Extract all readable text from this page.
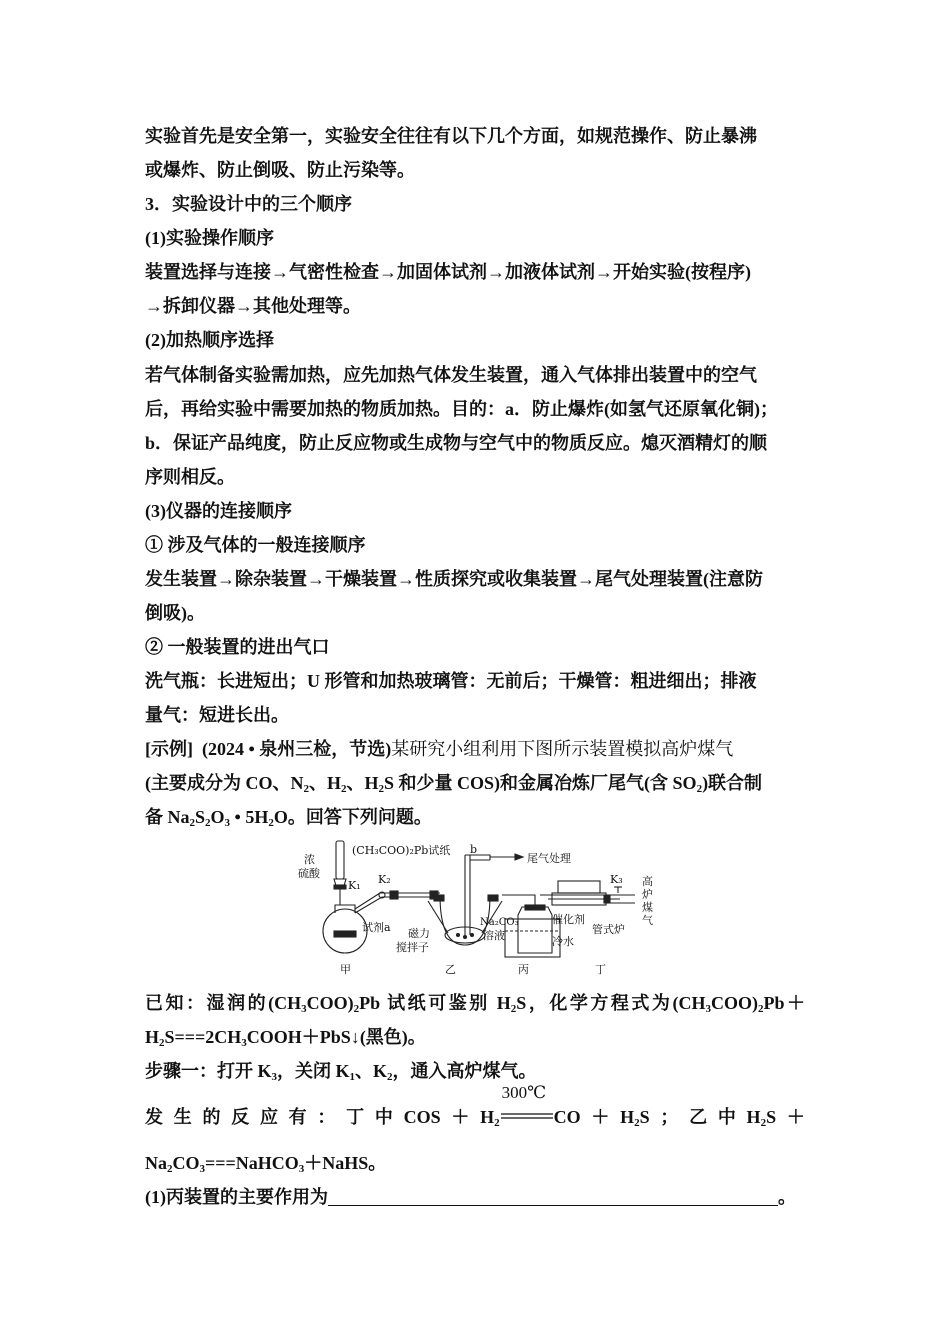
实验首先是安全第一，实验安全往往有以下几个方面，如规范操作、防止暴沸
或爆炸、防止倒吸、防止污染等。
3．实验设计中的三个顺序
(1)实验操作顺序
装置选择与连接→气密性检查→加固体试剂→加液体试剂→开始实验(按程序)
→拆卸仪器→其他处理等。
(2)加热顺序选择
若气体制备实验需加热，应先加热气体发生装置，通入气体排出装置中的空气
后，再给实验中需要加热的物质加热。目的：a．防止爆炸(如氢气还原氧化铜)；
b．保证产品纯度，防止反应物或生成物与空气中的物质反应。熄灭酒精灯的顺
序则相反。
(3)仪器的连接顺序
① 涉及气体的一般连接顺序
发生装置→除杂装置→干燥装置→性质探究或收集装置→尾气处理装置(注意防
倒吸)。
② 一般装置的进出气口
洗气瓶：长进短出；U 形管和加热玻璃管：无前后；干燥管：粗进细出；排液
量气：短进长出。
[示例] (2024 • 泉州三检，节选)某研究小组利用下图所示装置模拟高炉煤气
(主要成分为 CO、$N_2$、$H_2$、$H_2S$ 和少量 COS)和金属冶炼厂尾气(含 $SO_2$)联合制
备 $Na_2S_2O_3$ • $5H_2O$。回答下列问题。
浓
硫酸
(CH₃COO)₂Pb试纸 b
尾气处理
K₁ K₂	K₃
试剂a 磁力
搅拌子
Na₂CO₃
溶液	冷水
催化剂
管式炉
高
炉
煤
气
甲	乙	丙	丁
已知：湿润的$(CH_3COO)_2Pb$ 试纸可鉴别 $H_2S$，化学方程式为$(CH_3COO)_2Pb+$
$H_2S===2CH_3COOH+PbS↓$(黑色)。
步骤一：打开 $K_3$，关闭 $K_1$、$K_2$，通入高炉煤气。
发 生 的 反 应 有 ： 丁 中 COS ＋ $H_2$
300℃
CO ＋ $H_2S$ ； 乙 中 $H_2S$ ＋
$Na_2CO_3===NaHCO_3+NaHS$。
(1)丙装置的主要作用为	。
